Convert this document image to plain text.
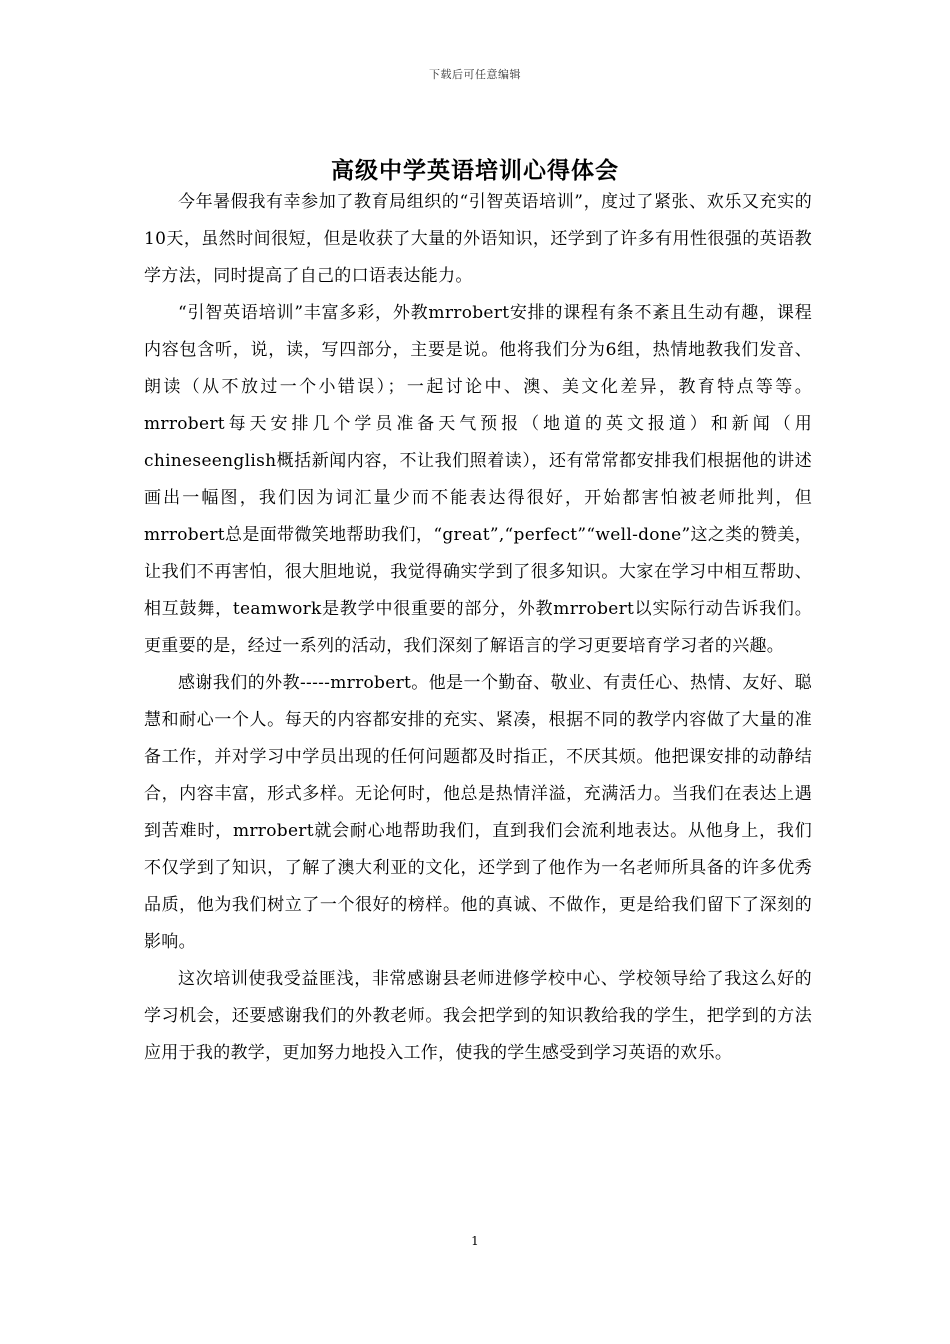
下载后可任意编辑
高级中学英语培训心得体会

今年暑假我有幸参加了教育局组织的“引智英语培训”，度过了紧张、欢乐又充实的10天，虽然时间很短，但是收获了大量的外语知识，还学到了许多有用性很强的英语教学方法，同时提高了自己的口语表达能力。

“引智英语培训”丰富多彩，外教mrrobert安排的课程有条不紊且生动有趣，课程内容包含听，说，读，写四部分，主要是说。他将我们分为6组，热情地教我们发音、朗读（从不放过一个小错误）；一起讨论中、澳、美文化差异，教育特点等等。mrrobert每天安排几个学员准备天气预报（地道的英文报道）和新闻（用chineseenglish概括新闻内容，不让我们照着读），还有常常都安排我们根据他的讲述画出一幅图，我们因为词汇量少而不能表达得很好，开始都害怕被老师批判，但mrrobert总是面带微笑地帮助我们，“great”,“perfect”“well-done”这之类的赞美，让我们不再害怕，很大胆地说，我觉得确实学到了很多知识。大家在学习中相互帮助、相互鼓舞，teamwork是教学中很重要的部分，外教mrrobert以实际行动告诉我们。更重要的是，经过一系列的活动，我们深刻了解语言的学习更要培育学习者的兴趣。

感谢我们的外教-----mrrobert。他是一个勤奋、敬业、有责任心、热情、友好、聪慧和耐心一个人。每天的内容都安排的充实、紧凑，根据不同的教学内容做了大量的准备工作，并对学习中学员出现的任何问题都及时指正，不厌其烦。他把课安排的动静结合，内容丰富，形式多样。无论何时，他总是热情洋溢，充满活力。当我们在表达上遇到苦难时，mrrobert就会耐心地帮助我们，直到我们会流利地表达。从他身上，我们不仅学到了知识，了解了澳大利亚的文化，还学到了他作为一名老师所具备的许多优秀品质，他为我们树立了一个很好的榜样。他的真诚、不做作，更是给我们留下了深刻的影响。

这次培训使我受益匪浅，非常感谢县老师进修学校中心、学校领导给了我这么好的学习机会，还要感谢我们的外教老师。我会把学到的知识教给我的学生，把学到的方法应用于我的教学，更加努力地投入工作，使我的学生感受到学习英语的欢乐。

1
